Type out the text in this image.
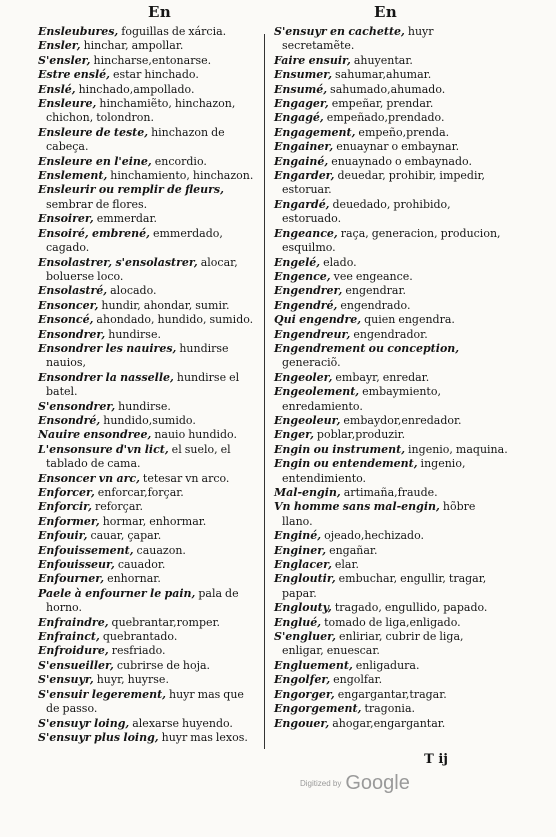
En	En

Ensleubures, foguillas de xárcia.

Ensler, hinchar, ampollar.

S'ensler, hincharse,entonarse.

Estre enslé, estar hinchado.

Enslé, hinchado,ampollado.

Ensleure, hinchamiẽto, hinchazon, chichon, tolondron.

Ensleure de teste, hinchazon de cabeça.

Ensleure en l'eine, encordio.

Enslement, hinchamiento, hinchazon.

Ensleurir ou remplir de fleurs, sembrar de flores.

Ensoirer, emmerdar.

Ensoiré, embrené, emmerdado, cagado.

Ensolastrer, s'ensolastrer, alocar, boluerse loco.

Ensolastré, alocado.

Ensoncer, hundir, ahondar, sumir.

Ensoncé, ahondado, hundido, sumido.

Ensondrer, hundirse.

Ensondrer les nauires, hundirse nauios,

Ensondrer la nasselle, hundirse el batel.

S'ensondrer, hundirse.

Ensondré, hundido,sumido.

Nauire ensondree, nauio hundido.

L'ensonsure d'vn lict, el suelo, el tablado de cama.

Ensoncer vn arc, tetesar vn arco.

Enforcer, enforcar,forçar.

Enforcir, reforçar.

Enformer, hormar, enhormar.

Enfouir, cauar, çapar.

Enfouissement, cauazon.

Enfouisseur, cauador.

Enfourner, enhornar.

Paele à enfourner le pain, pala de horno.

Enfraindre, quebrantar,romper.

Enfrainct, quebrantado.

Enfroidure, resfriado.

S'ensueiller, cubrirse de hoja.

S'ensuyr, huyr, huyrse.

S'ensuir legerement, huyr mas que de passo.

S'ensuyr loing, alexarse huyendo.

S'ensuyr plus loing, huyr mas lexos.

S'ensuyr en cachette, huyr secretamẽte.

Faire ensuir, ahuyentar.

Ensumer, sahumar,ahumar.

Ensumé, sahumado,ahumado.

Engager, empeñar, prendar.

Engagé, empeñado,prendado.

Engagement, empeño,prenda.

Engainer, enuaynar o embaynar.

Engainé, enuaynado o embaynado.

Engarder, deuedar, prohibir, impedir, estoruar.

Engardé, deuedado, prohibido, estoruado.

Engeance, raça, generacion, producion, esquilmo.

Engelé, elado.

Engence, vee engeance.

Engendrer, engendrar.

Engendré, engendrado.

Qui engendre, quien engendra.

Engendreur, engendrador.

Engendrement ou conception, generaciõ.

Engeoler, embayr, enredar.

Engeolement, embaymiento, enredamiento.

Engeoleur, embaydor,enredador.

Enger, poblar,produzir.

Engin ou instrument, ingenio, maquina.

Engin ou entendement, ingenio, entendimiento.

Mal-engin, artimaña,fraude.

Vn homme sans mal-engin, hõbre llano.

Enginé, ojeado,hechizado.

Enginer, engañar.

Englacer, elar.

Engloutir, embuchar, engullir, tragar, papar.

Englouty, tragado, engullido, papado.

Englué, tomado de liga,enligado.

S'engluer, enliriar, cubrir de liga, enligar, enuescar.

Engluement, enligadura.

Engolfer, engolfar.

Engorger, engargantar,tragar.

Engorgement, tragonia.

Engouer, ahogar,engargantar.

T ij
Digitized by Google
